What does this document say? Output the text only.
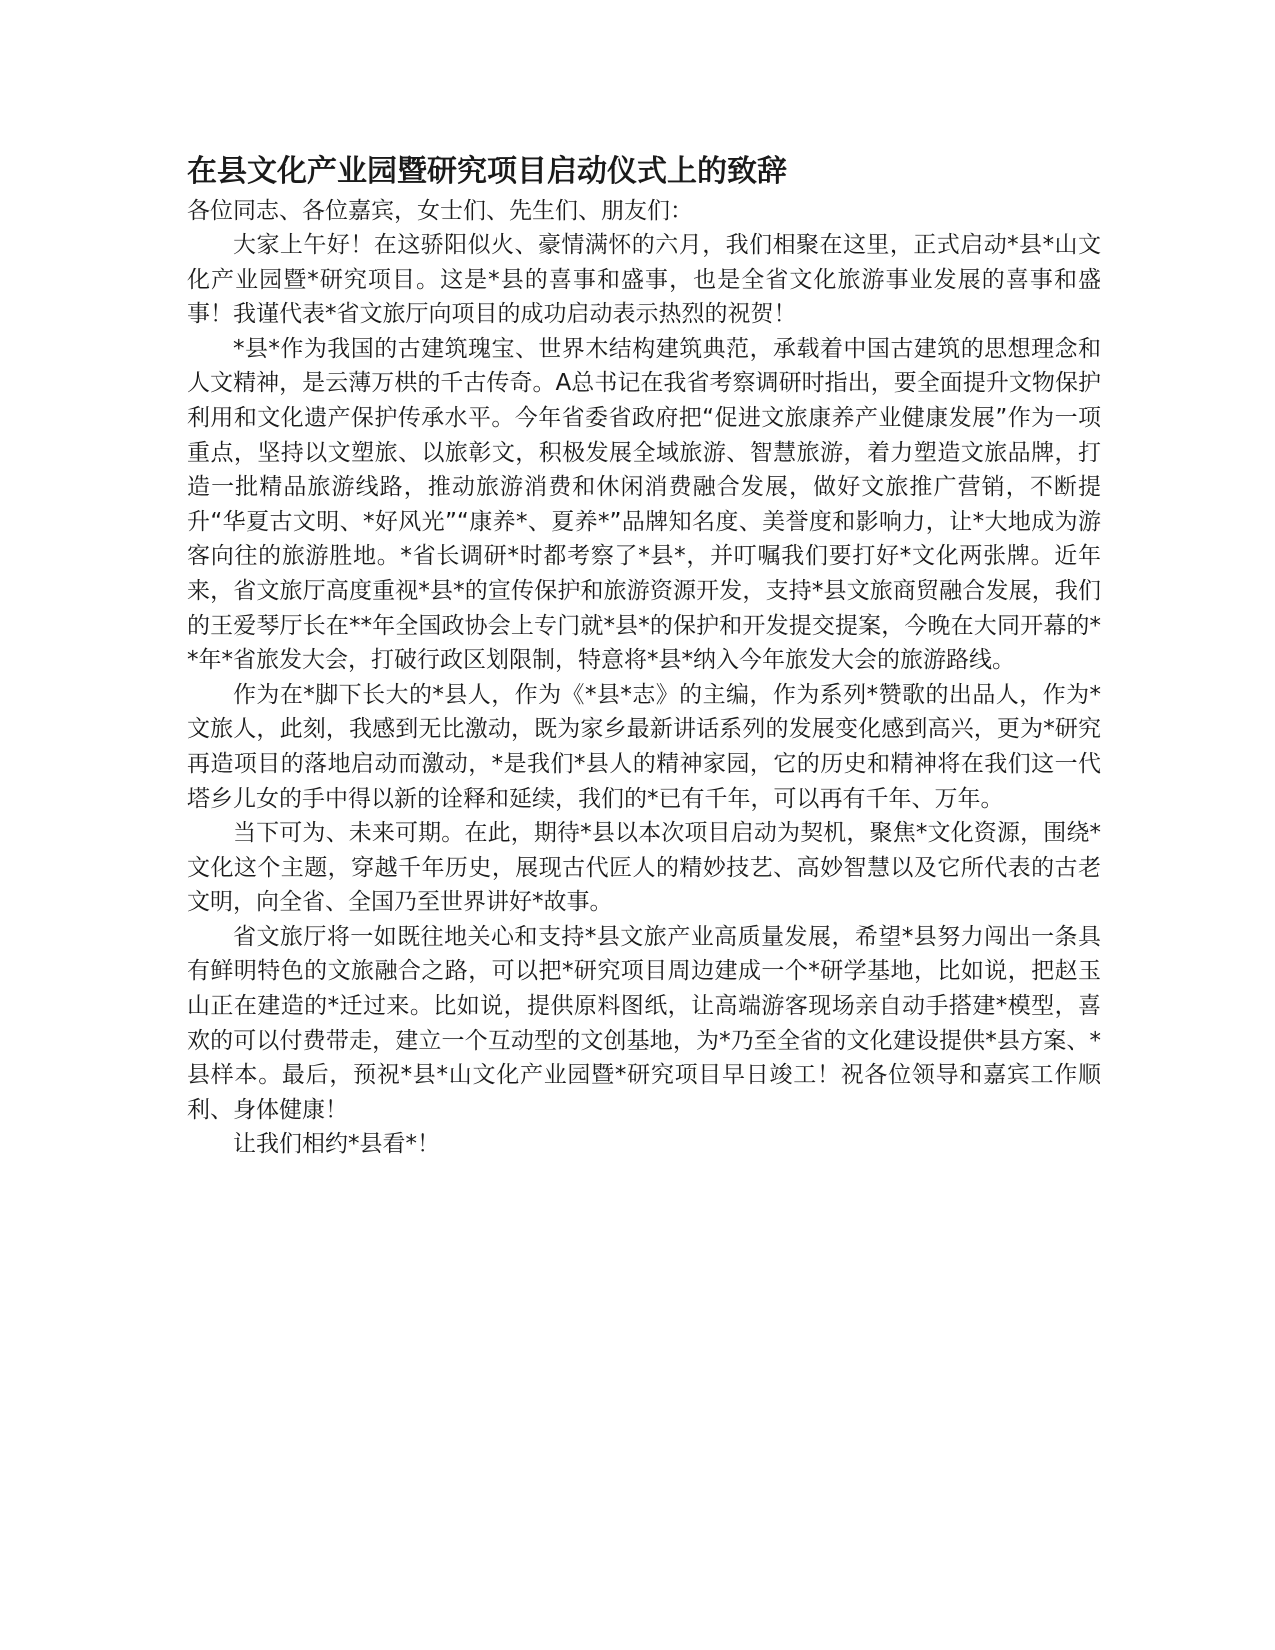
在县文化产业园暨研究项目启动仪式上的致辞

各位同志、各位嘉宾，女士们、先生们、朋友们：

大家上午好！在这骄阳似火、豪情满怀的六月，我们相聚在这里，正式启动*县*山文化产业园暨*研究项目。这是*县的喜事和盛事，也是全省文化旅游事业发展的喜事和盛事！我谨代表*省文旅厅向项目的成功启动表示热烈的祝贺！

*县*作为我国的古建筑瑰宝、世界木结构建筑典范，承载着中国古建筑的思想理念和人文精神，是云薄万栱的千古传奇。A总书记在我省考察调研时指出，要全面提升文物保护利用和文化遗产保护传承水平。今年省委省政府把“促进文旅康养产业健康发展”作为一项重点，坚持以文塑旅、以旅彰文，积极发展全域旅游、智慧旅游，着力塑造文旅品牌，打造一批精品旅游线路，推动旅游消费和休闲消费融合发展，做好文旅推广营销，不断提升“华夏古文明、*好风光”“康养*、夏养*”品牌知名度、美誉度和影响力，让*大地成为游客向往的旅游胜地。*省长调研*时都考察了*县*，并叮嘱我们要打好*文化两张牌。近年来，省文旅厅高度重视*县*的宣传保护和旅游资源开发，支持*县文旅商贸融合发展，我们的王爱琴厅长在**年全国政协会上专门就*县*的保护和开发提交提案，今晚在大同开幕的**年*省旅发大会，打破行政区划限制，特意将*县*纳入今年旅发大会的旅游路线。

作为在*脚下长大的*县人，作为《*县*志》的主编，作为系列*赞歌的出品人，作为*文旅人，此刻，我感到无比激动，既为家乡最新讲话系列的发展变化感到高兴，更为*研究再造项目的落地启动而激动，*是我们*县人的精神家园，它的历史和精神将在我们这一代塔乡儿女的手中得以新的诠释和延续，我们的*已有千年，可以再有千年、万年。

当下可为、未来可期。在此，期待*县以本次项目启动为契机，聚焦*文化资源，围绕*文化这个主题，穿越千年历史，展现古代匠人的精妙技艺、高妙智慧以及它所代表的古老文明，向全省、全国乃至世界讲好*故事。

省文旅厅将一如既往地关心和支持*县文旅产业高质量发展，希望*县努力闯出一条具有鲜明特色的文旅融合之路，可以把*研究项目周边建成一个*研学基地，比如说，把赵玉山正在建造的*迁过来。比如说，提供原料图纸，让高端游客现场亲自动手搭建*模型，喜欢的可以付费带走，建立一个互动型的文创基地，为*乃至全省的文化建设提供*县方案、*县样本。最后，预祝*县*山文化产业园暨*研究项目早日竣工！祝各位领导和嘉宾工作顺利、身体健康！

让我们相约*县看*！
